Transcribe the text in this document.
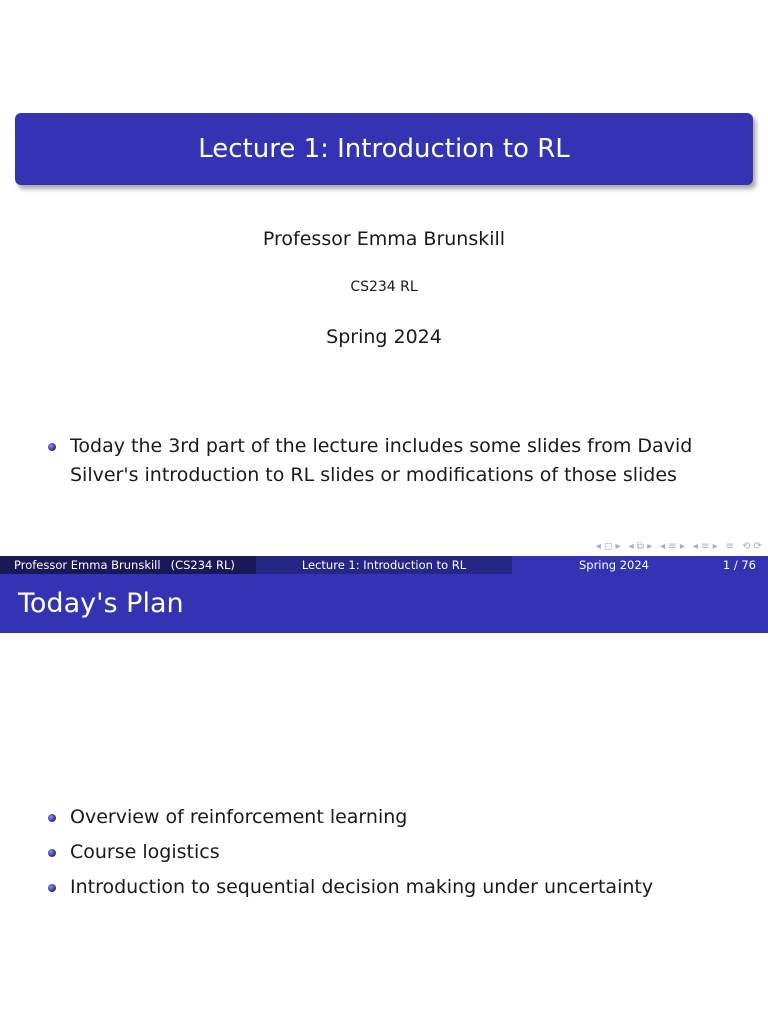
Lecture 1: Introduction to RL
Professor Emma Brunskill
CS234 RL
Spring 2024
Today the 3rd part of the lecture includes some slides from David Silver's introduction to RL slides or modifications of those slides
◂ ◻ ▸ ◂ ⧉ ▸ ◂ ≡ ▸ ◂ ≡ ▸ ≡ ⟲ ⟳
Professor Emma Brunskill (CS234 RL)	Lecture 1: Introduction to RL	Spring 2024	1 / 76
Today's Plan
Overview of reinforcement learning
Course logistics
Introduction to sequential decision making under uncertainty
